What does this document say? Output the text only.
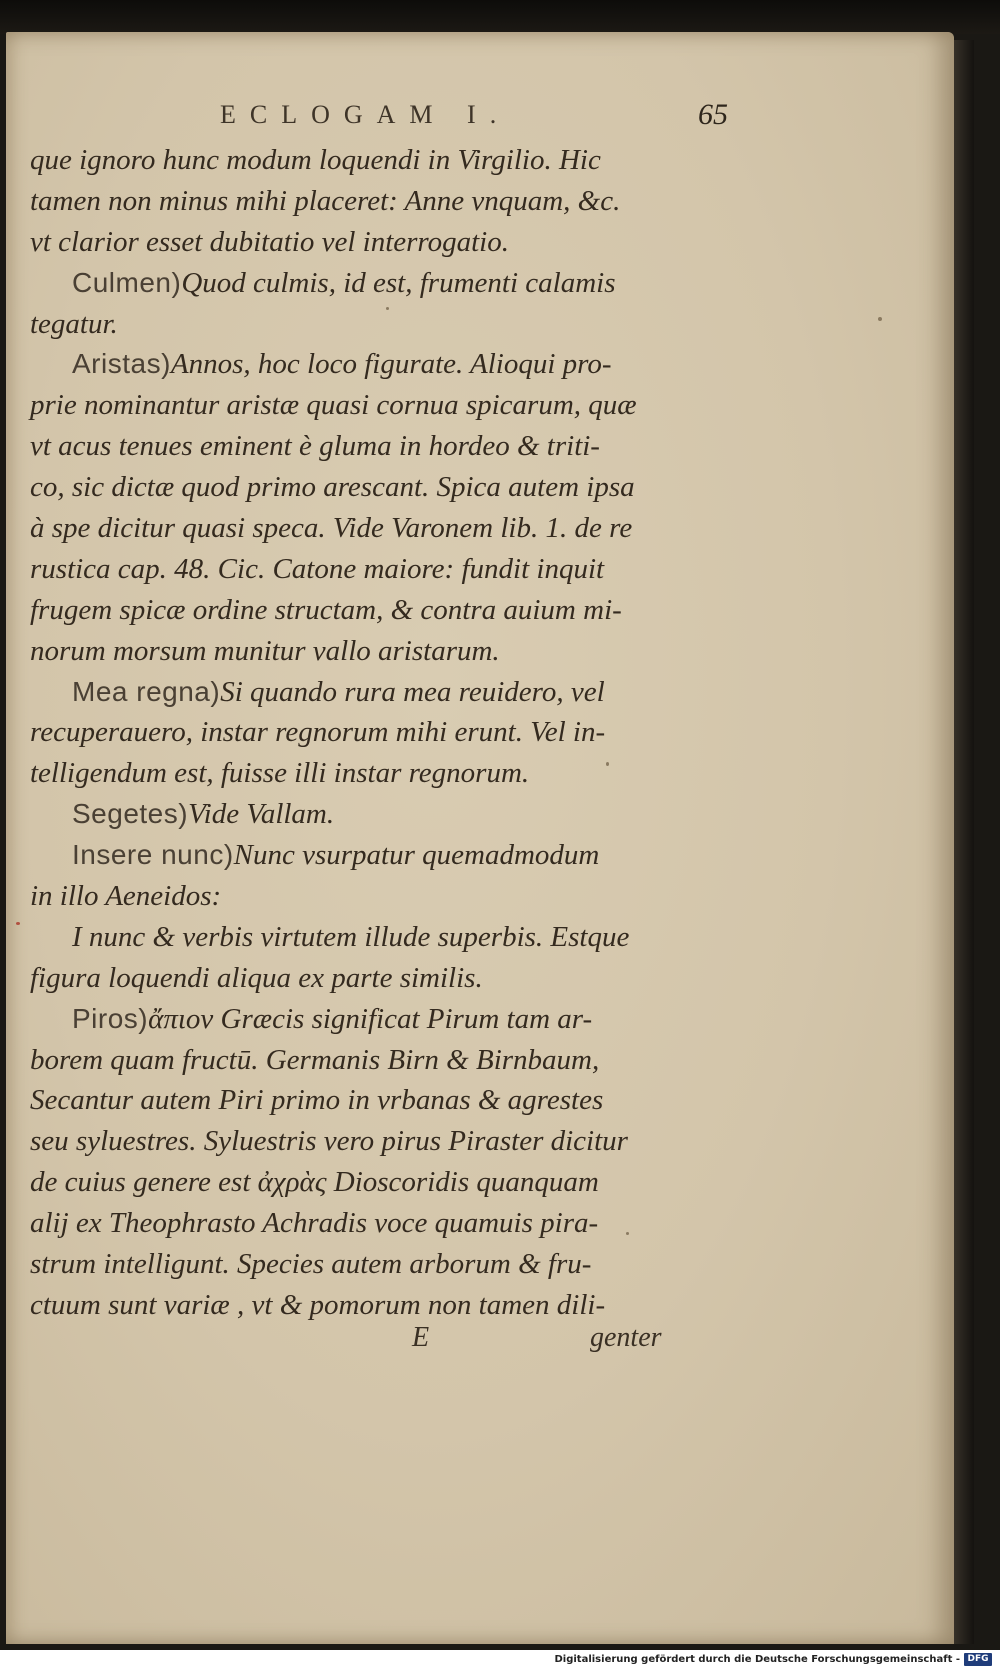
ECLOGAM I.	65
que ignoro hunc modum loquendi in Virgilio. Hic
tamen non minus mihi placeret: Anne vnquam, &c.
vt clarior esset dubitatio vel interrogatio.
Culmen)Quod culmis, id est, frumenti calamis
tegatur.
Aristas)Annos, hoc loco figurate. Alioqui pro-
prie nominantur aristæ quasi cornua spicarum, quæ
vt acus tenues eminent è gluma in hordeo & triti-
co, sic dictæ quod primo arescant. Spica autem ipsa
à spe dicitur quasi speca. Vide Varonem lib. 1. de re
rustica cap. 48. Cic. Catone maiore: fundit inquit
frugem spicæ ordine structam, & contra auium mi-
norum morsum munitur vallo aristarum.
Mea regna)Si quando rura mea reuidero, vel
recuperauero, instar regnorum mihi erunt. Vel in-
telligendum est, fuisse illi instar regnorum.
Segetes)Vide Vallam.
Insere nunc)Nunc vsurpatur quemadmodum
in illo Aeneidos:
I nunc & verbis virtutem illude superbis. Estque
figura loquendi aliqua ex parte similis.
Piros)ἄπιον Græcis significat Pirum tam ar-
borem quam fructū. Germanis Birn & Birnbaum,
Secantur autem Piri primo in vrbanas & agrestes
seu syluestres. Syluestris vero pirus Piraster dicitur
de cuius genere est ἀχρὰς Dioscoridis quanquam
alij ex Theophrasto Achradis voce quamuis pira-
strum intelligunt. Species autem arborum & fru-
ctuum sunt variæ , vt & pomorum non tamen dili-
E	genter
Digitalisierung gefördert durch die Deutsche Forschungsgemeinschaft - DFG
